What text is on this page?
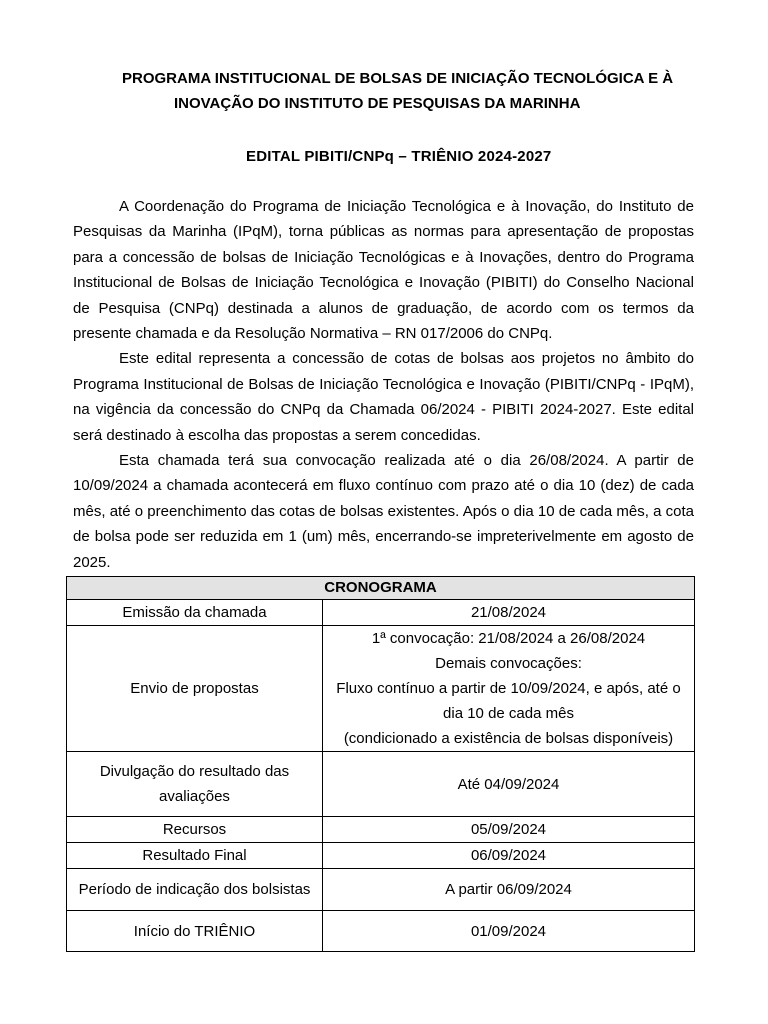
PROGRAMA INSTITUCIONAL DE BOLSAS DE INICIAÇÃO TECNOLÓGICA E À
INOVAÇÃO DO INSTITUTO DE PESQUISAS DA MARINHA
EDITAL PIBITI/CNPq – TRIÊNIO 2024-2027

A Coordenação do Programa de Iniciação Tecnológica e à Inovação, do Instituto de Pesquisas da Marinha (IPqM), torna públicas as normas para apresentação de propostas para a concessão de bolsas de Iniciação Tecnológicas e à Inovações, dentro do Programa Institucional de Bolsas de Iniciação Tecnológica e Inovação (PIBITI) do Conselho Nacional de Pesquisa (CNPq) destinada a alunos de graduação, de acordo com os termos da presente chamada e da Resolução Normativa – RN 017/2006 do CNPq.

Este edital representa a concessão de cotas de bolsas aos projetos no âmbito do Programa Institucional de Bolsas de Iniciação Tecnológica e Inovação (PIBITI/CNPq - IPqM), na vigência da concessão do CNPq da Chamada 06/2024 - PIBITI 2024-2027. Este edital será destinado à escolha das propostas a serem concedidas.

Esta chamada terá sua convocação realizada até o dia 26/08/2024. A partir de 10/09/2024 a chamada acontecerá em fluxo contínuo com prazo até o dia 10 (dez) de cada mês, até o preenchimento das cotas de bolsas existentes. Após o dia 10 de cada mês, a cota de bolsa pode ser reduzida em 1 (um) mês, encerrando-se impreterivelmente em agosto de 2025.

CRONOGRAMA	
Emissão da chamada	21/08/2024
Envio de propostas	1ª convocação: 21/08/2024 a 26/08/2024
Demais convocações:
Fluxo contínuo a partir de 10/09/2024, e após, até o
dia 10 de cada mês
(condicionado a existência de bolsas disponíveis)

Divulgação do resultado das avaliações	Até 04/09/2024
Recursos	05/09/2024
Resultado Final	06/09/2024
Período de indicação dos bolsistas	A partir 06/09/2024
Início do TRIÊNIO	01/09/2024
